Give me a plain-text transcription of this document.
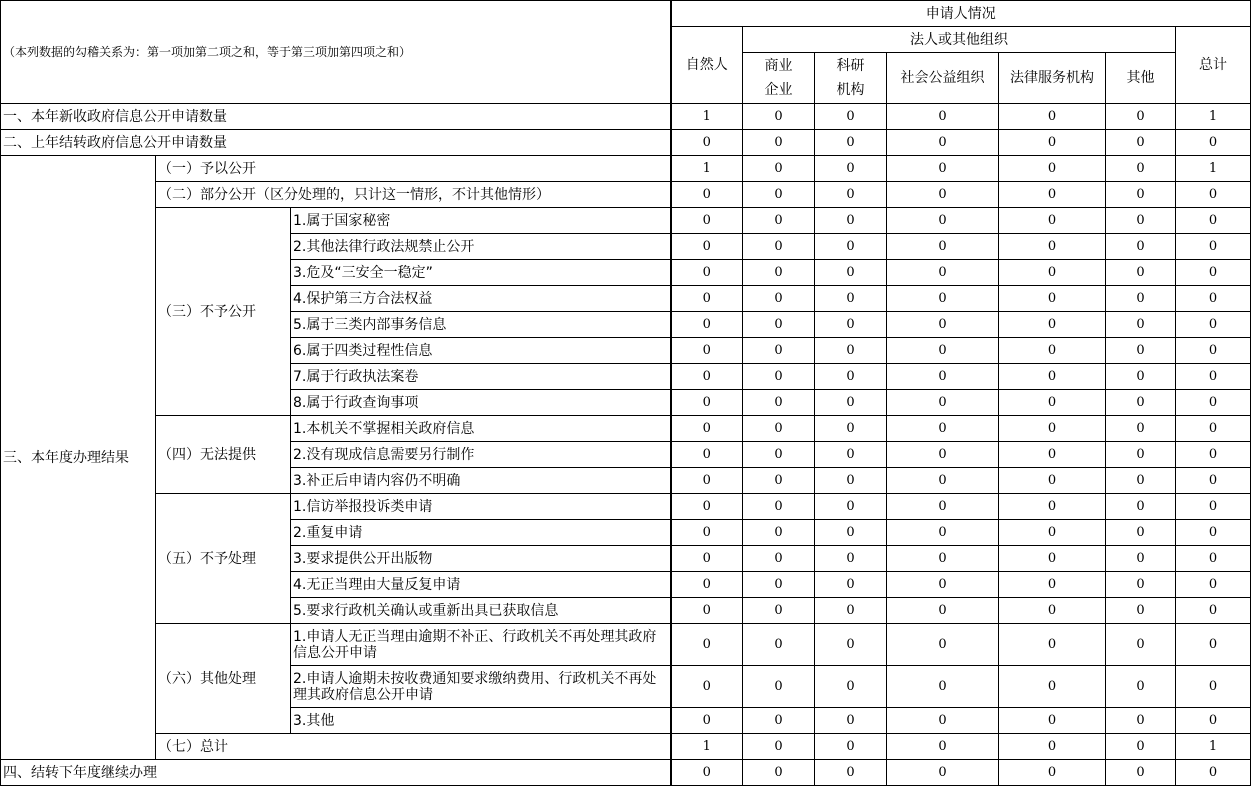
（本列数据的勾稽关系为：第一项加第二项之和，等于第三项加第四项之和）			申请人情况						
			自然人	法人或其他组织					总计
				商业企业	科研机构	社会公益组织	法律服务机构	其他	
一、本年新收政府信息公开申请数量			1	0	0	0	0	0	1
二、上年结转政府信息公开申请数量			0	0	0	0	0	0	0
三、本年度办理结果	（一）予以公开		1	0	0	0	0	0	1
	（二）部分公开（区分处理的，只计这一情形，不计其他情形）		0	0	0	0	0	0	0
	（三）不予公开	1.属于国家秘密	0	0	0	0	0	0	0
		2.其他法律行政法规禁止公开	0	0	0	0	0	0	0
		3.危及“三安全一稳定”	0	0	0	0	0	0	0
		4.保护第三方合法权益	0	0	0	0	0	0	0
		5.属于三类内部事务信息	0	0	0	0	0	0	0
		6.属于四类过程性信息	0	0	0	0	0	0	0
		7.属于行政执法案卷	0	0	0	0	0	0	0
		8.属于行政查询事项	0	0	0	0	0	0	0
	（四）无法提供	1.本机关不掌握相关政府信息	0	0	0	0	0	0	0
		2.没有现成信息需要另行制作	0	0	0	0	0	0	0
		3.补正后申请内容仍不明确	0	0	0	0	0	0	0
	（五）不予处理	1.信访举报投诉类申请	0	0	0	0	0	0	0
		2.重复申请	0	0	0	0	0	0	0
		3.要求提供公开出版物	0	0	0	0	0	0	0
		4.无正当理由大量反复申请	0	0	0	0	0	0	0
		5.要求行政机关确认或重新出具已获取信息	0	0	0	0	0	0	0
	（六）其他处理	1.申请人无正当理由逾期不补正、行政机关不再处理其政府信息公开申请	0	0	0	0	0	0	0
		2.申请人逾期未按收费通知要求缴纳费用、行政机关不再处理其政府信息公开申请	0	0	0	0	0	0	0
		3.其他	0	0	0	0	0	0	0
	（七）总计		1	0	0	0	0	0	1
四、结转下年度继续办理			0	0	0	0	0	0	0
